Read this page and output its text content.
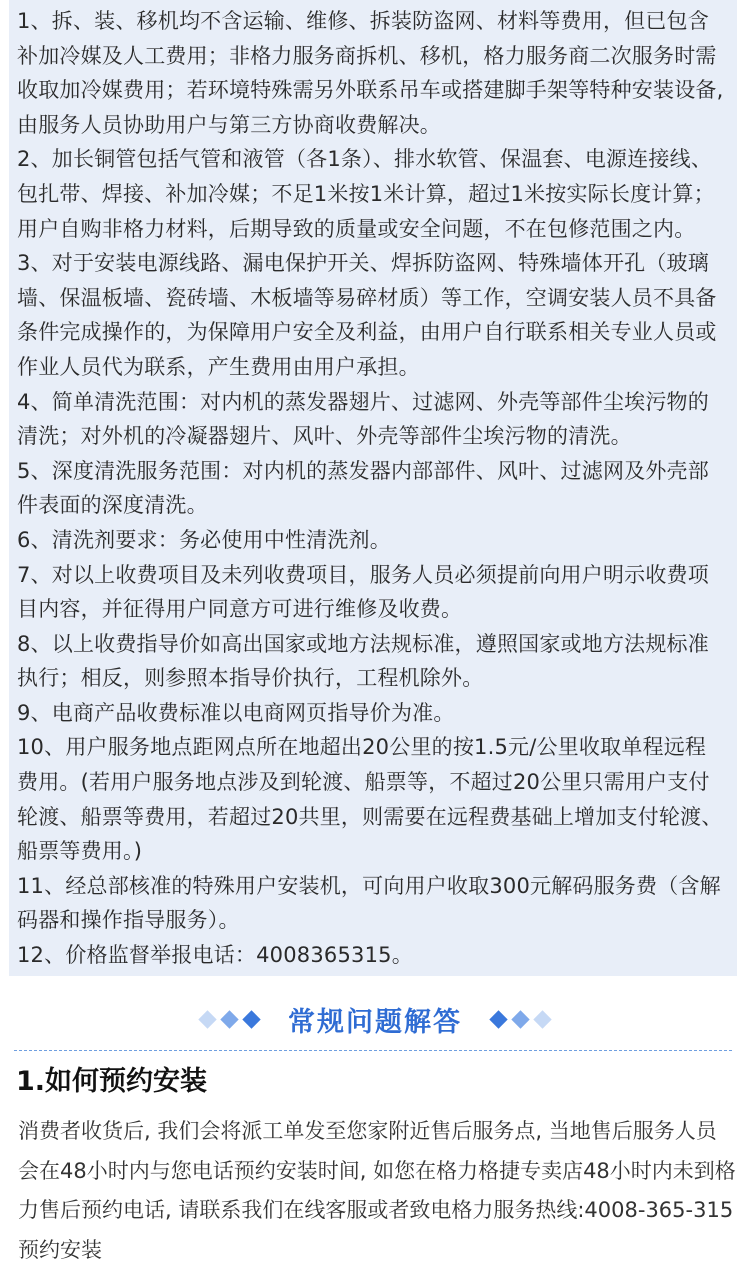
1、拆、装、移机均不含运输、维修、拆装防盗网、材料等费用，但已包含补加冷媒及人工费用；非格力服务商拆机、移机，格力服务商二次服务时需收取加冷媒费用；若环境特殊需另外联系吊车或搭建脚手架等特种安装设备,由服务人员协助用户与第三方协商收费解决。

2、加长铜管包括气管和液管（各1条）、排水软管、保温套、电源连接线、包扎带、焊接、补加冷媒；不足1米按1米计算，超过1米按实际长度计算；用户自购非格力材料，后期导致的质量或安全问题，不在包修范围之内。

3、对于安装电源线路、漏电保护开关、焊拆防盗网、特殊墙体开孔（玻璃墙、保温板墙、瓷砖墙、木板墙等易碎材质）等工作，空调安装人员不具备条件完成操作的，为保障用户安全及利益，由用户自行联系相关专业人员或作业人员代为联系，产生费用由用户承担。

4、简单清洗范围：对内机的蒸发器翅片、过滤网、外壳等部件尘埃污物的清洗；对外机的冷凝器翅片、风叶、外壳等部件尘埃污物的清洗。

5、深度清洗服务范围：对内机的蒸发器内部部件、风叶、过滤网及外壳部件表面的深度清洗。

6、清洗剂要求：务必使用中性清洗剂。

7、对以上收费项目及未列收费项目，服务人员必须提前向用户明示收费项目内容，并征得用户同意方可进行维修及收费。

8、以上收费指导价如高出国家或地方法规标准，遵照国家或地方法规标准执行；相反，则参照本指导价执行，工程机除外。

9、电商产品收费标准以电商网页指导价为准。

10、用户服务地点距网点所在地超出20公里的按1.5元/公里收取单程远程费用。(若用户服务地点涉及到轮渡、船票等，不超过20公里只需用户支付轮渡、船票等费用，若超过20共里，则需要在远程费基础上增加支付轮渡、船票等费用。)

11、经总部核准的特殊用户安装机，可向用户收取300元解码服务费（含解码器和操作指导服务）。

12、价格监督举报电话：4008365315。

常规问题解答
1.如何预约安装

消费者收货后, 我们会将派工单发至您家附近售后服务点, 当地售后服务人员会在48小时内与您电话预约安装时间, 如您在格力格捷专卖店48小时内未到格力售后预约电话, 请联系我们在线客服或者致电格力服务热线:4008-365-315预约安装
